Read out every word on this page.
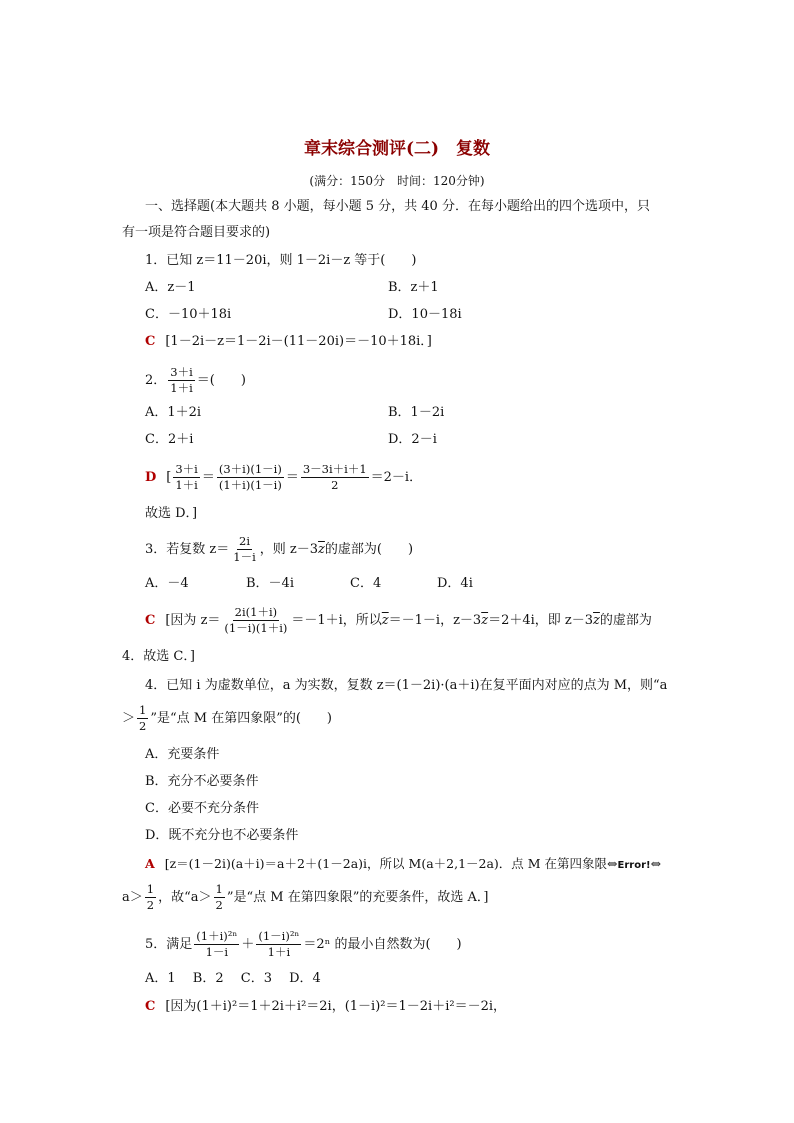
章末综合测评(二)　复数
(满分：150分　时间：120分钟)
一、选择题(本大题共 8 小题，每小题 5 分，共 40 分．在每小题给出的四个选项中，只
有一项是符合题目要求的)
1．已知 z＝11－20i，则 1－2i－z 等于(　　)
A．z－1	B．z＋1
C．－10＋18i	D．10－18i
C [1－2i－z＝1－2i－(11－20i)＝－10＋18i．]
2． $\frac{3+i}{1+i}$ ＝(　　)
A．1＋2i	B．1－2i
C．2＋i	D．2－i
D [ $\frac{3+i}{1+i} = \frac{(3+i)(1-i)}{(1+i)(1-i)} = \frac{3-3i+i+1}{2} =2-i$．
故选 D．]
3．若复数 $z= \frac{2i}{1-i}$ ，则 $z-3\overline{z}$的虚部为(　　)
A．－4	B．－4i	C．4	D．4i
C [因为 $z= \frac{2i(1+i)}{(1-i)(1+i)} =-1+i$，所以$\overline{z}=-1-i$，$z-3\overline{z}=2+4i$，即 $z-3\overline{z}$的虚部为
4．故选 C．]
4．已知 i 为虚数单位，a 为实数，复数 z＝(1－2i)·(a＋i)在复平面内对应的点为 M，则“a
＞ $\frac{1}{2}$ ”是“点 M 在第四象限”的(　　)
A．充要条件
B．充分不必要条件
C．必要不充分条件
D．既不充分也不必要条件
A [z＝(1－2i)(a＋i)＝a＋2＋(1－2a)i，所以 M(a＋2,1－2a)．点 M 在第四象限⇔Error!⇔
$a> \frac{1}{2}$ ，故“$a> \frac{1}{2}$ ”是“点 M 在第四象限”的充要条件，故选 A．]
5．满足 $\frac{\text{(1＋i)²ⁿ}}{1-i} + \frac{\text{(1－i)²ⁿ}}{1+i} =2^n$ 的最小自然数为(　　)
A．1　 B．2　 C．3　 D．4
C [因为(1＋i)²＝1＋2i＋i²＝2i，(1－i)²＝1－2i＋i²＝－2i，
